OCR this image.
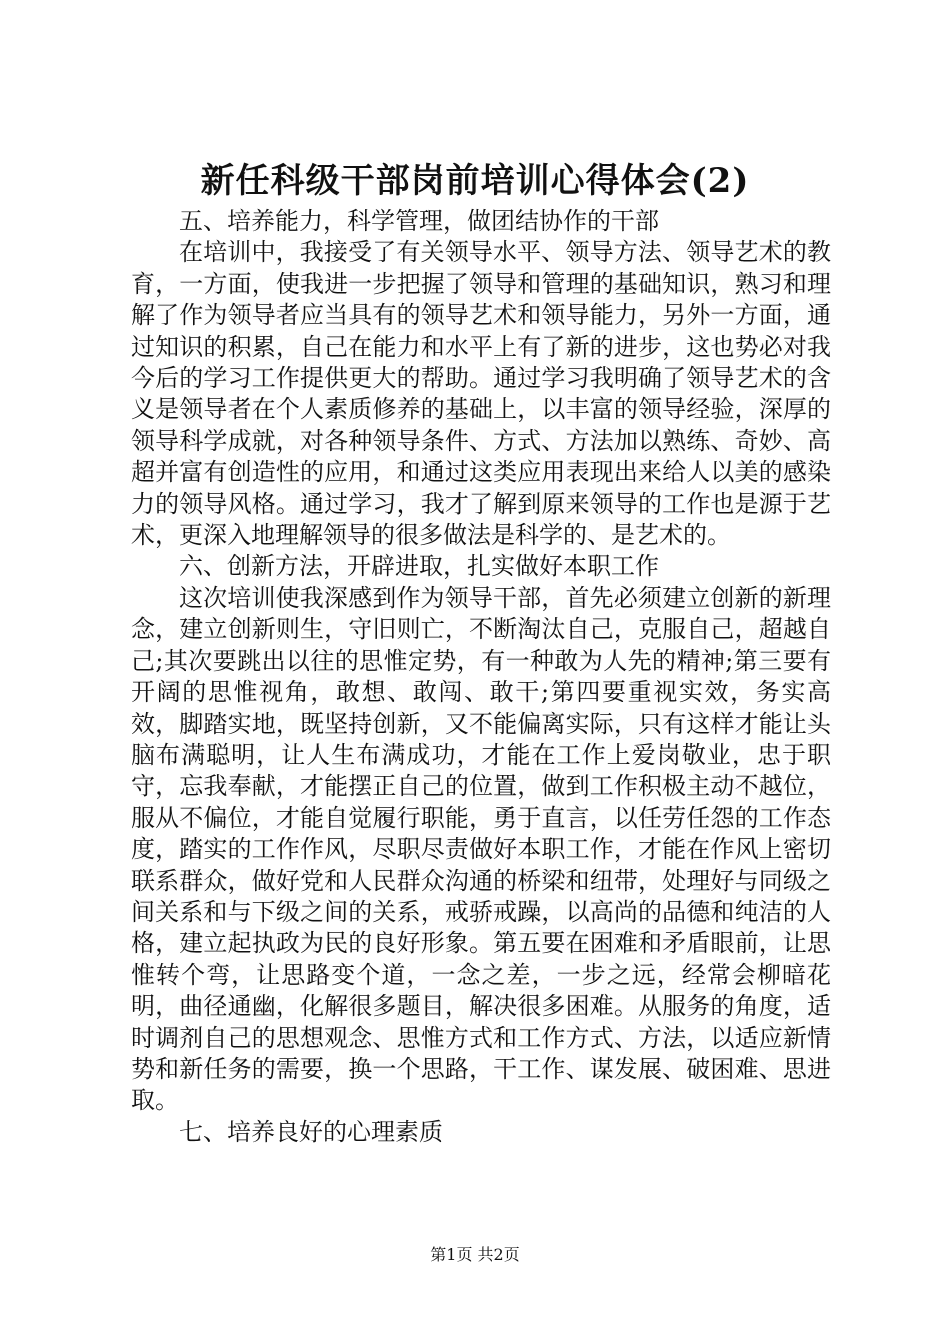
新任科级干部岗前培训心得体会(2)

五、培养能力，科学管理，做团结协作的干部

在培训中，我接受了有关领导水平、领导方法、领导艺术的教育，一方面，使我进一步把握了领导和管理的基础知识，熟习和理解了作为领导者应当具有的领导艺术和领导能力，另外一方面，通过知识的积累，自己在能力和水平上有了新的进步，这也势必对我今后的学习工作提供更大的帮助。通过学习我明确了领导艺术的含义是领导者在个人素质修养的基础上，以丰富的领导经验，深厚的领导科学成就，对各种领导条件、方式、方法加以熟练、奇妙、高超并富有创造性的应用，和通过这类应用表现出来给人以美的感染力的领导风格。通过学习，我才了解到原来领导的工作也是源于艺术，更深入地理解领导的很多做法是科学的、是艺术的。

六、创新方法，开辟进取，扎实做好本职工作

这次培训使我深感到作为领导干部，首先必须建立创新的新理念，建立创新则生，守旧则亡，不断淘汰自己，克服自己，超越自己;其次要跳出以往的思惟定势，有一种敢为人先的精神;第三要有开阔的思惟视角，敢想、敢闯、敢干;第四要重视实效，务实高效，脚踏实地，既坚持创新，又不能偏离实际，只有这样才能让头脑布满聪明，让人生布满成功，才能在工作上爱岗敬业，忠于职守，忘我奉献，才能摆正自己的位置，做到工作积极主动不越位，服从不偏位，才能自觉履行职能，勇于直言，以任劳任怨的工作态度，踏实的工作作风，尽职尽责做好本职工作，才能在作风上密切联系群众，做好党和人民群众沟通的桥梁和纽带，处理好与同级之间关系和与下级之间的关系，戒骄戒躁，以高尚的品德和纯洁的人格，建立起执政为民的良好形象。第五要在困难和矛盾眼前，让思惟转个弯，让思路变个道，一念之差，一步之远，经常会柳暗花明，曲径通幽，化解很多题目，解决很多困难。从服务的角度，适时调剂自己的思想观念、思惟方式和工作方式、方法，以适应新情势和新任务的需要，换一个思路，干工作、谋发展、破困难、思进取。

七、培养良好的心理素质

第1页 共2页
